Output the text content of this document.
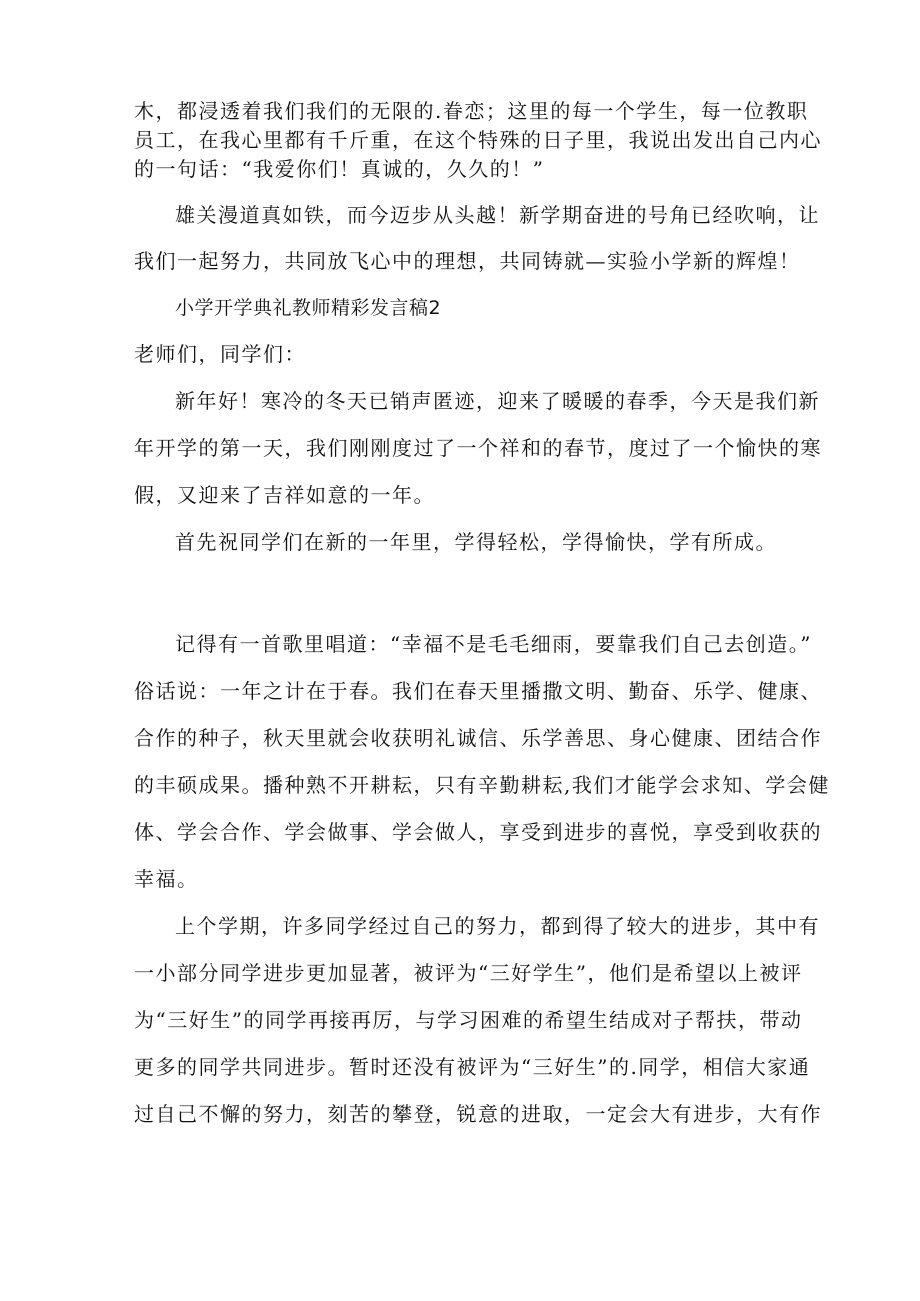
木，都浸透着我们我们的无限的.眷恋；这里的每一个学生，每一位教职
员工，在我心里都有千斤重，在这个特殊的日子里，我说出发出自己内心
的一句话：“我爱你们！真诚的，久久的！”
雄关漫道真如铁，而今迈步从头越！新学期奋进的号角已经吹响，让
我们一起努力，共同放飞心中的理想，共同铸就—实验小学新的辉煌！
小学开学典礼教师精彩发言稿2
老师们，同学们：
新年好！寒冷的冬天已销声匿迹，迎来了暖暖的春季，今天是我们新
年开学的第一天，我们刚刚度过了一个祥和的春节，度过了一个愉快的寒
假，又迎来了吉祥如意的一年。
首先祝同学们在新的一年里，学得轻松，学得愉快，学有所成。
记得有一首歌里唱道：“幸福不是毛毛细雨，要靠我们自己去创造。”
俗话说：一年之计在于春。我们在春天里播撒文明、勤奋、乐学、健康、
合作的种子，秋天里就会收获明礼诚信、乐学善思、身心健康、团结合作
的丰硕成果。播种熟不开耕耘，只有辛勤耕耘,我们才能学会求知、学会健
体、学会合作、学会做事、学会做人，享受到进步的喜悦，享受到收获的
幸福。
上个学期，许多同学经过自己的努力，都到得了较大的进步，其中有
一小部分同学进步更加显著，被评为“三好学生”，他们是希望以上被评
为“三好生”的同学再接再厉，与学习困难的希望生结成对子帮扶，带动
更多的同学共同进步。暂时还没有被评为“三好生”的.同学，相信大家通
过自己不懈的努力，刻苦的攀登，锐意的进取，一定会大有进步，大有作
